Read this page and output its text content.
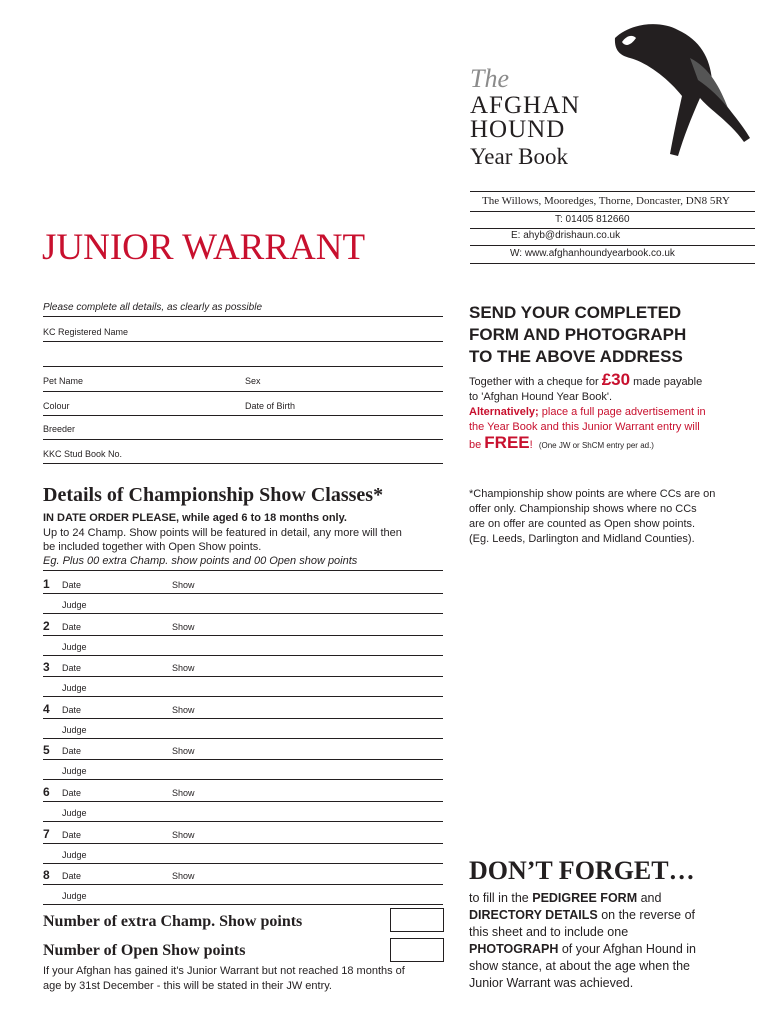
The
AFGHAN
HOUND
Year Book
The Willows, Mooredges, Thorne, Doncaster, DN8 5RY
T: 01405 812660
E: ahyb@drishaun.co.uk
W: www.afghanhoundyearbook.co.uk
JUNIOR WARRANT
Please complete all details, as clearly as possible
KC Registered Name
Pet Name	Sex
Colour	Date of Birth
Breeder
KKC Stud Book No.
SEND YOUR COMPLETED
FORM AND PHOTOGRAPH
TO THE ABOVE ADDRESS
Together with a cheque for £30 made payable
to 'Afghan Hound Year Book'.
Alternatively; place a full page advertisement in
the Year Book and this Junior Warrant entry will
be FREE! (One JW or ShCM entry per ad.)
Details of Championship Show Classes*
IN DATE ORDER PLEASE, while aged 6 to 18 months only.
Up to 24 Champ. Show points will be featured in detail, any more will then
be included together with Open Show points.
Eg. Plus 00 extra Champ. show points and 00 Open show points
*Championship show points are where CCs are on
offer only. Championship shows where no CCs
are on offer are counted as Open show points.
(Eg. Leeds, Darlington and Midland Counties).
1 Date	Show
Judge
2 Date	Show
Judge
3 Date	Show
Judge
4 Date	Show
Judge
5 Date	Show
Judge
6 Date	Show
Judge
7 Date	Show
Judge
8 Date	Show
Judge
Number of extra Champ. Show points
Number of Open Show points
If your Afghan has gained it's Junior Warrant but not reached 18 months of
age by 31st December - this will be stated in their JW entry.
DON’T FORGET…
to fill in the PEDIGREE FORM and
DIRECTORY DETAILS on the reverse of
this sheet and to include one
PHOTOGRAPH of your Afghan Hound in
show stance, at about the age when the
Junior Warrant was achieved.
